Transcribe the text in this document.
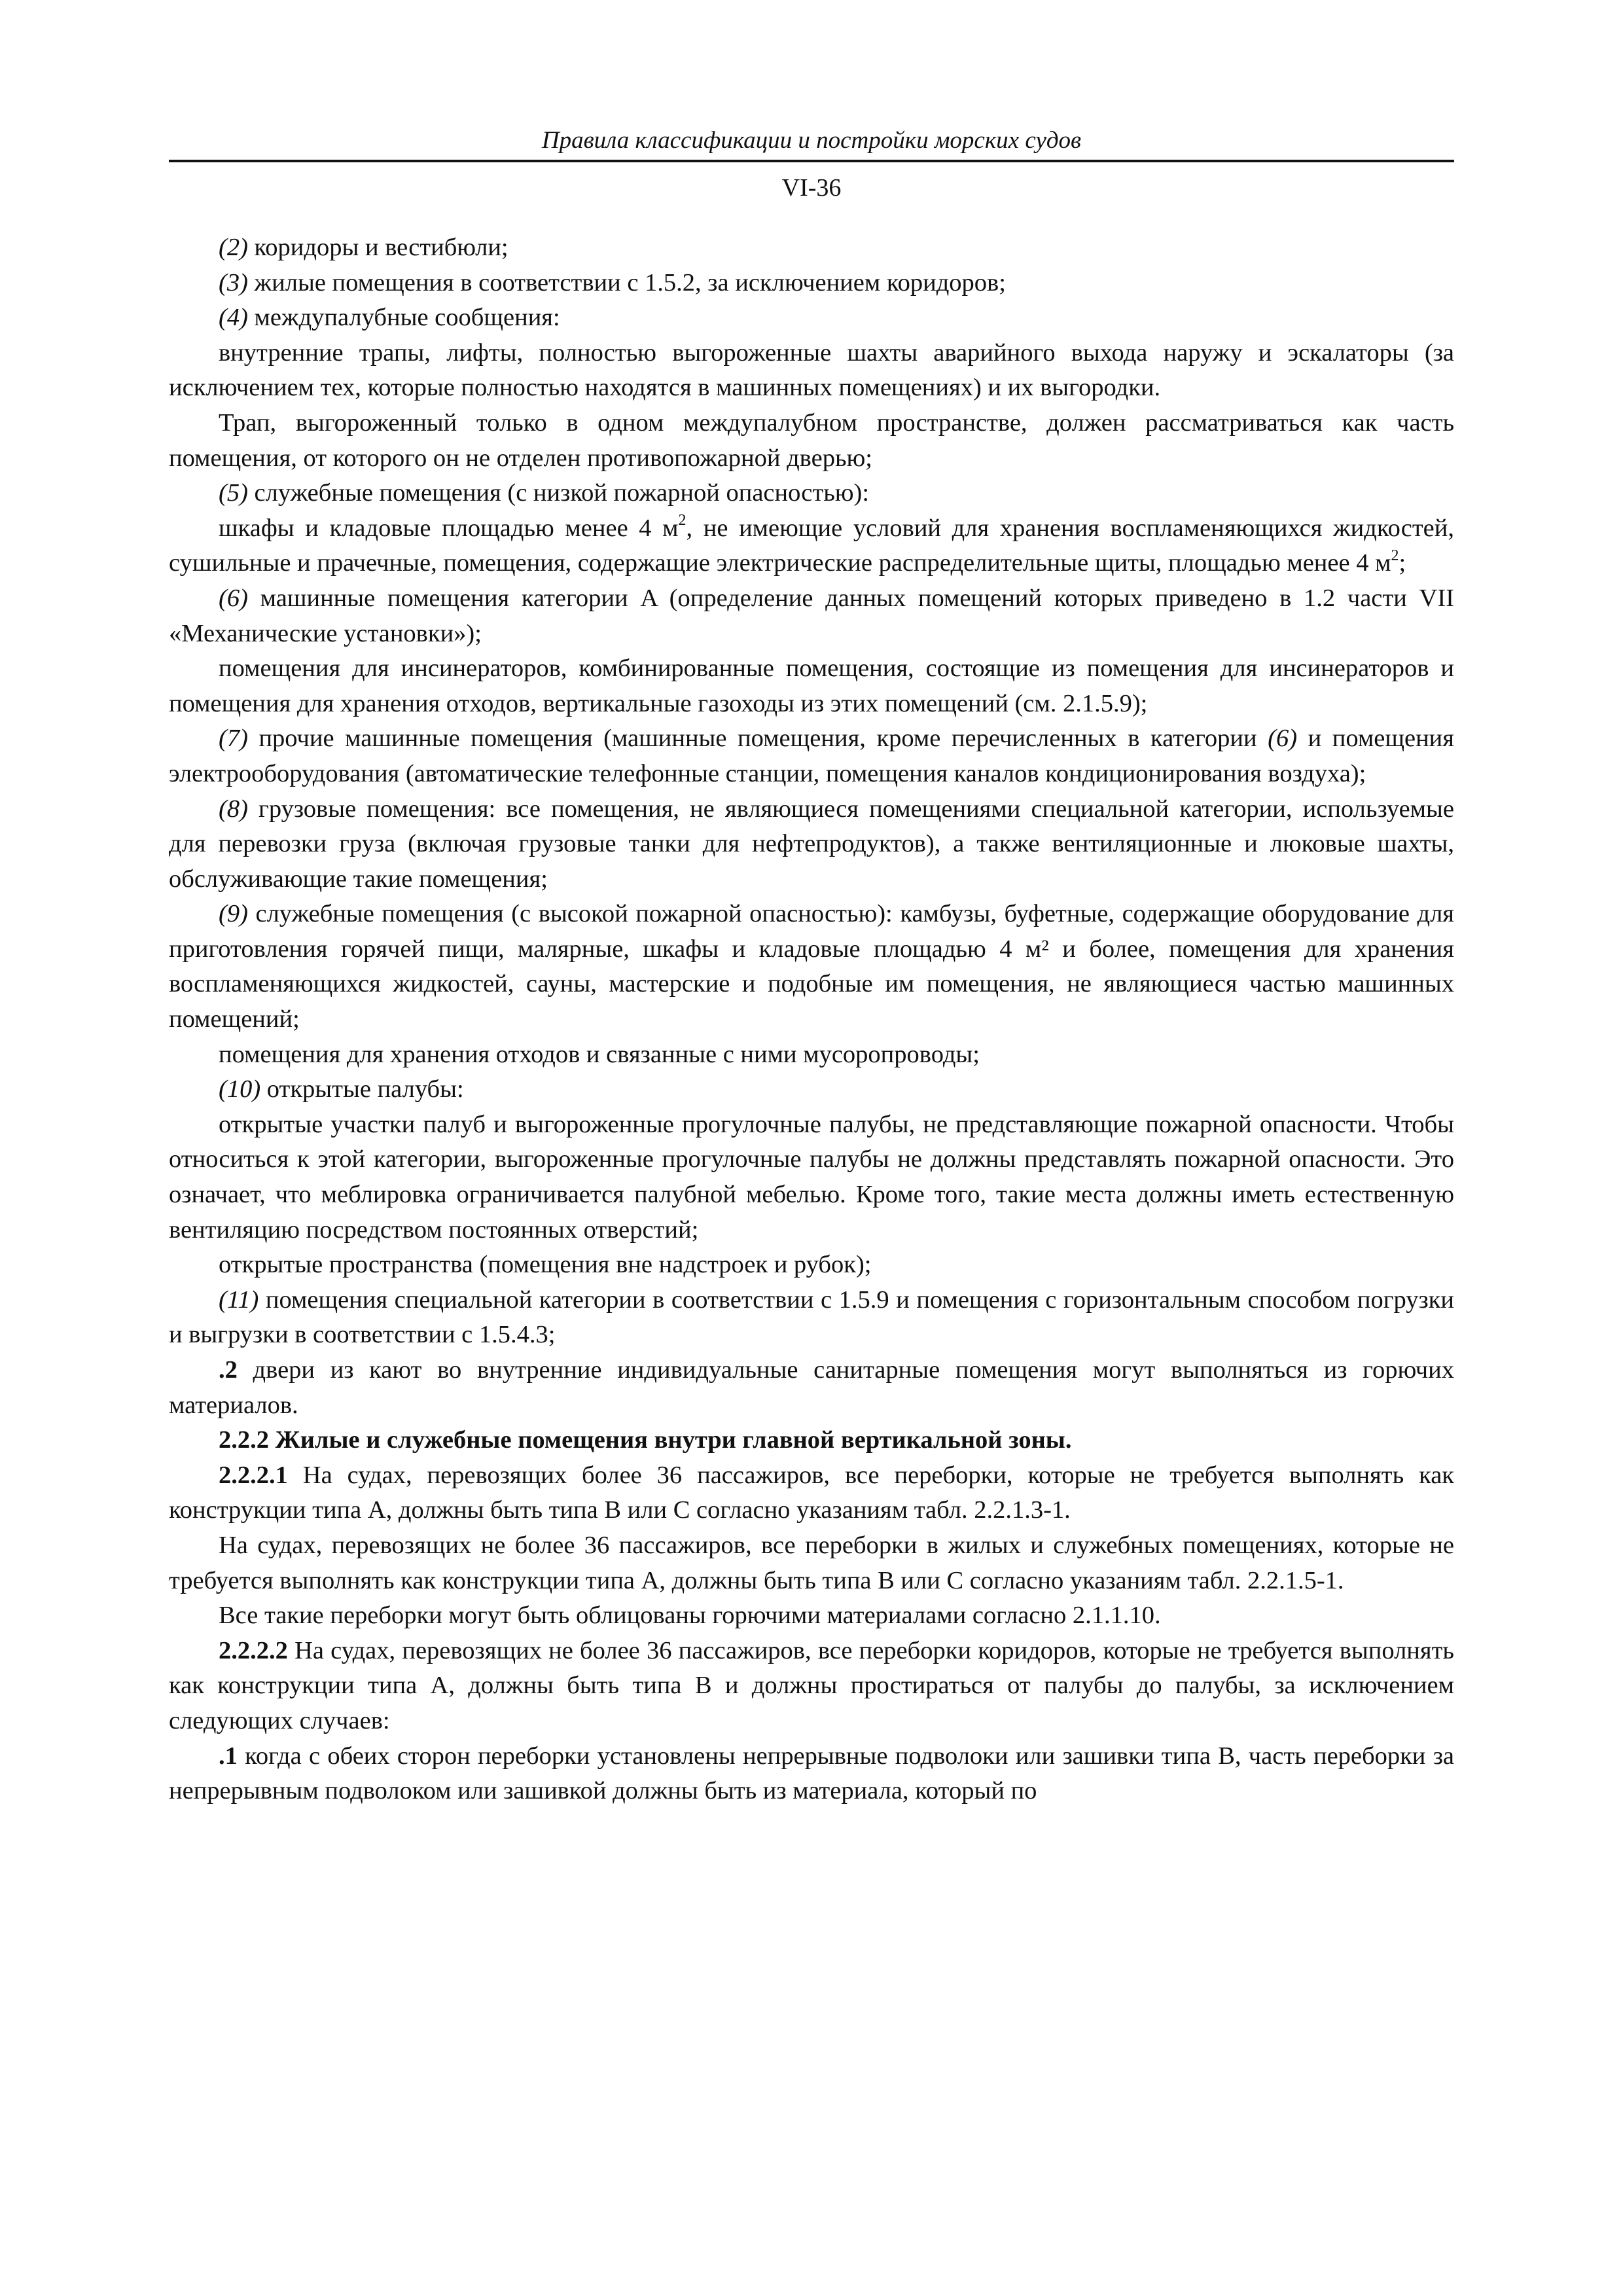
Правила классификации и постройки морских судов
VI-36

(2) коридоры и вестибюли;

(3) жилые помещения в соответствии с 1.5.2, за исключением коридоров;

(4) междупалубные сообщения:

внутренние трапы, лифты, полностью выгороженные шахты аварийного выхода наружу и эскалаторы (за исключением тех, которые полностью находятся в машинных помещениях) и их выгородки.

Трап, выгороженный только в одном междупалубном пространстве, должен рассматриваться как часть помещения, от которого он не отделен противопожарной дверью;

(5) служебные помещения (с низкой пожарной опасностью):

шкафы и кладовые площадью менее 4 $м^2$, не имеющие условий для хранения воспламеняющихся жидкостей, сушильные и прачечные, помещения, содержащие электрические распределительные щиты, площадью менее 4 $м^2$;

(6) машинные помещения категории A (определение данных помещений которых приведено в 1.2 части VII «Механические установки»);

помещения для инсинераторов, комбинированные помещения, состоящие из помещения для инсинераторов и помещения для хранения отходов, вертикальные газоходы из этих помещений (см. 2.1.5.9);

(7) прочие машинные помещения (машинные помещения, кроме перечисленных в категории (6) и помещения электрооборудования (автоматические телефонные станции, помещения каналов кондиционирования воздуха);

(8) грузовые помещения: все помещения, не являющиеся помещениями специальной категории, используемые для перевозки груза (включая грузовые танки для нефтепродуктов), а также вентиляционные и люковые шахты, обслуживающие такие помещения;

(9) служебные помещения (с высокой пожарной опасностью): камбузы, буфетные, содержащие оборудование для приготовления горячей пищи, малярные, шкафы и кладовые площадью 4 м² и более, помещения для хранения воспламеняющихся жидкостей, сауны, мастерские и подобные им помещения, не являющиеся частью машинных помещений;

помещения для хранения отходов и связанные с ними мусоропроводы;

(10) открытые палубы:

открытые участки палуб и выгороженные прогулочные палубы, не представляющие пожарной опасности. Чтобы относиться к этой категории, выгороженные прогулочные палубы не должны представлять пожарной опасности. Это означает, что меблировка ограничивается палубной мебелью. Кроме того, такие места должны иметь естественную вентиляцию посредством постоянных отверстий;

открытые пространства (помещения вне надстроек и рубок);

(11) помещения специальной категории в соответствии с 1.5.9 и помещения с горизонтальным способом погрузки и выгрузки в соответствии с 1.5.4.3;

.2 двери из кают во внутренние индивидуальные санитарные помещения могут выполняться из горючих материалов.

2.2.2 Жилые и служебные помещения внутри главной вертикальной зоны.

2.2.2.1 На судах, перевозящих более 36 пассажиров, все переборки, которые не требуется выполнять как конструкции типа A, должны быть типа B или C согласно указаниям табл. 2.2.1.3-1.

На судах, перевозящих не более 36 пассажиров, все переборки в жилых и служебных помещениях, которые не требуется выполнять как конструкции типа A, должны быть типа B или C согласно указаниям табл. 2.2.1.5-1.

Все такие переборки могут быть облицованы горючими материалами согласно 2.1.1.10.

2.2.2.2 На судах, перевозящих не более 36 пассажиров, все переборки коридоров, которые не требуется выполнять как конструкции типа A, должны быть типа B и должны простираться от палубы до палубы, за исключением следующих случаев:

.1 когда с обеих сторон переборки установлены непрерывные подволоки или зашивки типа B, часть переборки за непрерывным подволоком или зашивкой должны быть из материала, который по
